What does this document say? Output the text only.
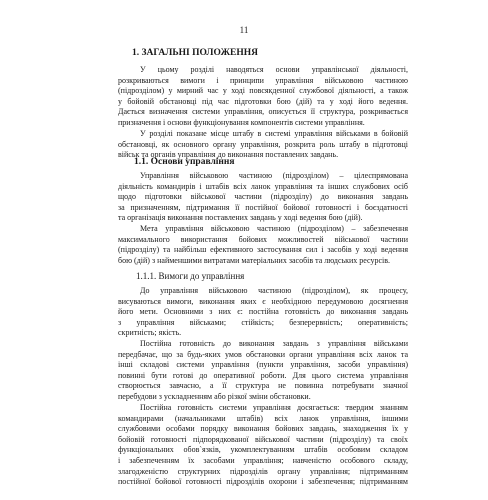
11
1. ЗАГАЛЬНІ ПОЛОЖЕННЯ
У цьому розділі наводяться основи управлінської діяльності,
розкриваються вимоги і принципи управління військовою частиною
(підрозділом) у мирний час у ході повсякденної службової діяльності, а також
у бойовій обстановці під час підготовки бою (дій) та у ході його ведення.
Дається визначення системи управління, описується її структура, розкривається
призначення і основи функціонування компонентів системи управління.
У розділі показане місце штабу в системі управління військами в бойовій
обстановці, як основного органу управління, розкрита роль штабу в підготовці
військ та органів управління до виконання поставлених завдань.
1.1. Основи управління
Управління військовою частиною (підрозділом) – цілеспрямована
діяльність командирів і штабів всіх ланок управління та інших службових осіб
щодо підготовки військової частини (підрозділу) до виконання завдань
за призначенням, підтримання її постійної бойової готовності і боєздатності
та організація виконання поставлених завдань у ході ведення бою (дій).
Мета управління військовою частиною (підрозділом) – забезпечення
максимального використання бойових можливостей військової частини
(підрозділу) та найбільш ефективного застосування сил і засобів у ході ведення
бою (дій) з найменшими витратами матеріальних засобів та людських ресурсів.
1.1.1. Вимоги до управління
До управління військовою частиною (підрозділом), як процесу,
висуваються вимоги, виконання яких є необхідною передумовою досягнення
його мети. Основними з них є: постійна готовність до виконання завдань
з управління військами; стійкість; безперервність; оперативність;
скритність; якість.
Постійна готовність до виконання завдань з управління військами
передбачає, що за будь-яких умов обстановки органи управління всіх ланок та
інші складові системи управління (пункти управління, засоби управління)
повинні бути готові до оперативної роботи. Для цього система управління
створюється завчасно, а її структура не повинна потребувати значної
перебудови з ускладненням або різкої зміни обстановки.
Постійна готовність системи управління досягається: твердим знанням
командирами (начальниками штабів) всіх ланок управління, іншими
службовими особами порядку виконання бойових завдань, знаходження їх у
бойовій готовності підпорядкованої військової частини (підрозділу) та своїх
функціональних обов`язків, укомплектуванням штабів особовим складом
і забезпеченням їх засобами управління; навченістю особового складу,
злагодженістю структурних підрозділів органу управління; підтриманням
постійної бойової готовності підрозділів охорони і забезпечення; підтриманням
